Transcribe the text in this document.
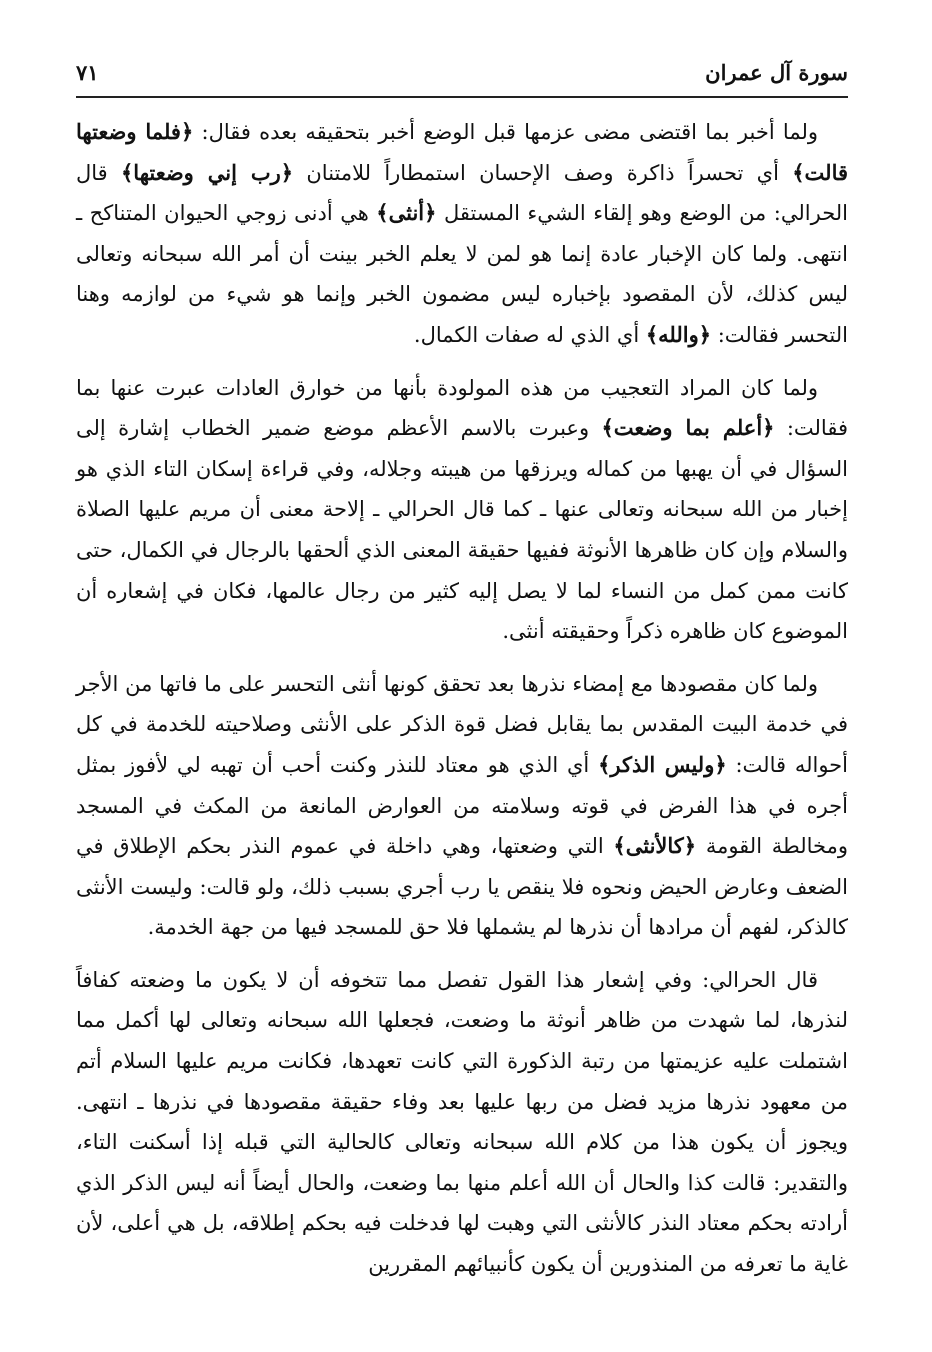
سورة آل عمران
٧١

ولما أخبر بما اقتضى مضى عزمها قبل الوضع أخبر بتحقيقه بعده فقال: ﴿فلما وضعتها قالت﴾ أي تحسراً ذاكرة وصف الإحسان استمطاراً للامتنان ﴿رب إني وضعتها﴾ قال الحرالي: من الوضع وهو إلقاء الشيء المستقل ﴿أنثى﴾ هي أدنى زوجي الحيوان المتناكح ـ انتهى. ولما كان الإخبار عادة إنما هو لمن لا يعلم الخبر بينت أن أمر الله سبحانه وتعالى ليس كذلك، لأن المقصود بإخباره ليس مضمون الخبر وإنما هو شيء من لوازمه وهنا التحسر فقالت: ﴿والله﴾ أي الذي له صفات الكمال.

ولما كان المراد التعجيب من هذه المولودة بأنها من خوارق العادات عبرت عنها بما فقالت: ﴿أعلم بما وضعت﴾ وعبرت بالاسم الأعظم موضع ضمير الخطاب إشارة إلى السؤال في أن يهبها من كماله ويرزقها من هيبته وجلاله، وفي قراءة إسكان التاء الذي هو إخبار من الله سبحانه وتعالى عنها ـ كما قال الحرالي ـ إلاحة معنى أن مريم عليها الصلاة والسلام وإن كان ظاهرها الأنوثة ففيها حقيقة المعنى الذي ألحقها بالرجال في الكمال، حتى كانت ممن كمل من النساء لما لا يصل إليه كثير من رجال عالمها، فكان في إشعاره أن الموضوع كان ظاهره ذكراً وحقيقته أنثى.

ولما كان مقصودها مع إمضاء نذرها بعد تحقق كونها أنثى التحسر على ما فاتها من الأجر في خدمة البيت المقدس بما يقابل فضل قوة الذكر على الأنثى وصلاحيته للخدمة في كل أحواله قالت: ﴿وليس الذكر﴾ أي الذي هو معتاد للنذر وكنت أحب أن تهبه لي لأفوز بمثل أجره في هذا الفرض في قوته وسلامته من العوارض المانعة من المكث في المسجد ومخالطة القومة ﴿كالأنثى﴾ التي وضعتها، وهي داخلة في عموم النذر بحكم الإطلاق في الضعف وعارض الحيض ونحوه فلا ينقص يا رب أجري بسبب ذلك، ولو قالت: وليست الأنثى كالذكر، لفهم أن مرادها أن نذرها لم يشملها فلا حق للمسجد فيها من جهة الخدمة.

قال الحرالي: وفي إشعار هذا القول تفصل مما تتخوفه أن لا يكون ما وضعته كفافاً لنذرها، لما شهدت من ظاهر أنوثة ما وضعت، فجعلها الله سبحانه وتعالى لها أكمل مما اشتملت عليه عزيمتها من رتبة الذكورة التي كانت تعهدها، فكانت مريم عليها السلام أتم من معهود نذرها مزيد فضل من ربها عليها بعد وفاء حقيقة مقصودها في نذرها ـ انتهى. ويجوز أن يكون هذا من كلام الله سبحانه وتعالى كالحالية التي قبله إذا أسكنت التاء، والتقدير: قالت كذا والحال أن الله أعلم منها بما وضعت، والحال أيضاً أنه ليس الذكر الذي أرادته بحكم معتاد النذر كالأنثى التي وهبت لها فدخلت فيه بحكم إطلاقه، بل هي أعلى، لأن غاية ما تعرفه من المنذورين أن يكون كأنبيائهم المقررين
